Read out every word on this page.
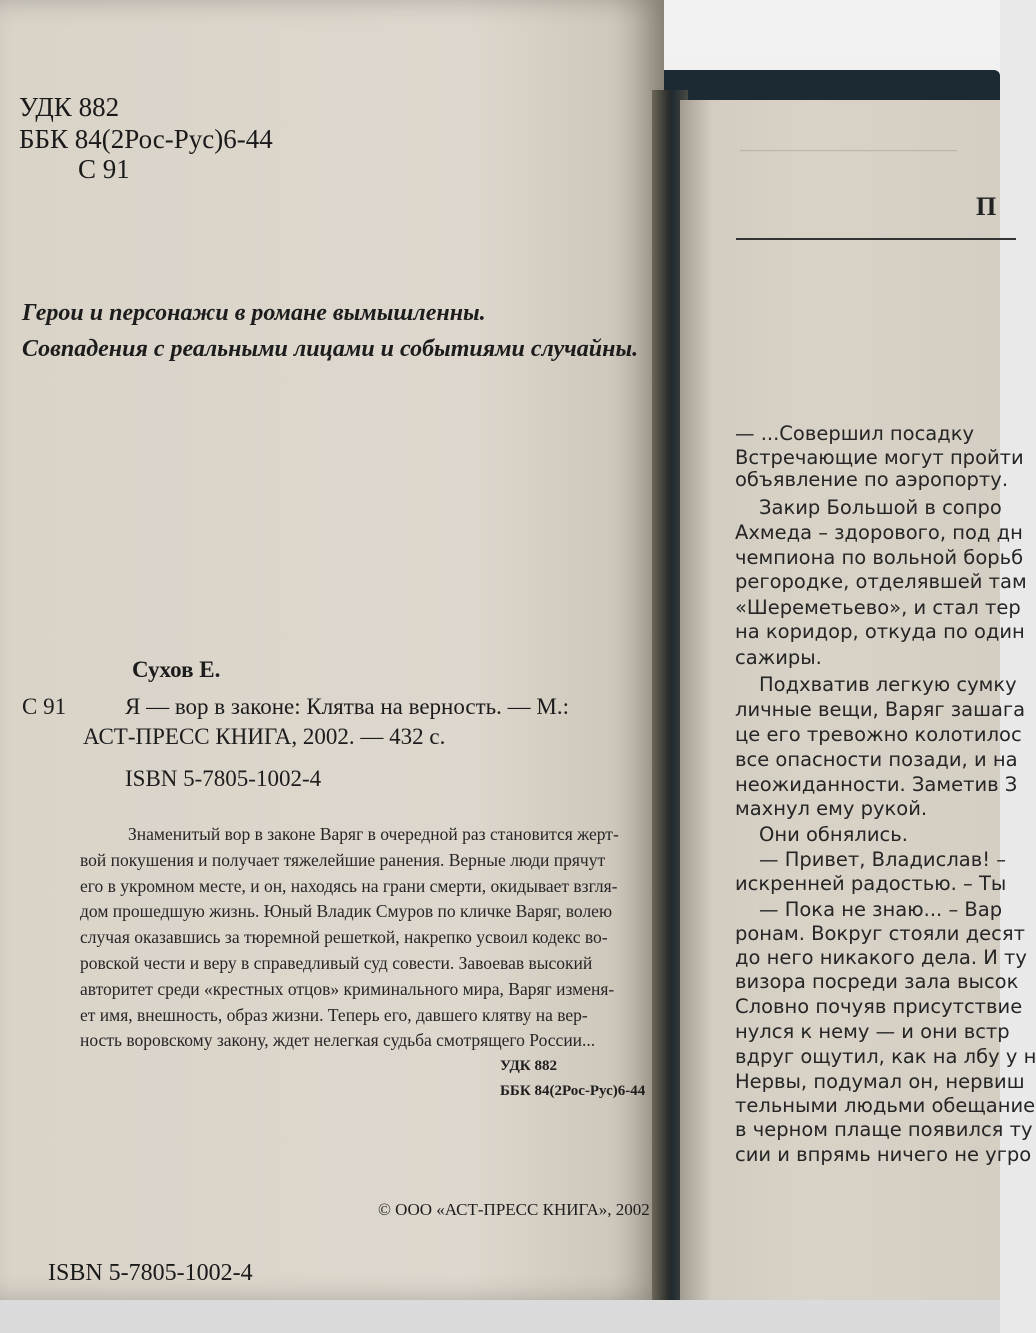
УДК 882
ББК 84(2Рос-Рус)6-44
С 91
Герои и персонажи в романе вымышленны.
Совпадения с реальными лицами и событиями случайны.
Сухов Е.
С 91	Я — вор в законе: Клятва на верность. — М.:
АСТ-ПРЕСС КНИГА, 2002. — 432 с.
ISBN 5-7805-1002-4
Знаменитый вор в законе Варяг в очередной раз становится жерт-
вой покушения и получает тяжелейшие ранения. Верные люди прячут
его в укромном месте, и он, находясь на грани смерти, окидывает взгля-
дом прошедшую жизнь. Юный Владик Смуров по кличке Варяг, волею
случая оказавшись за тюремной решеткой, накрепко усвоил кодекс во-
ровской чести и веру в справедливый суд совести. Завоевав высокий
авторитет среди «крестных отцов» криминального мира, Варяг изменя-
ет имя, внешность, образ жизни. Теперь его, давшего клятву на вер-
ность воровскому закону, ждет нелегкая судьба смотрящего России...
УДК 882
ББК 84(2Рос-Рус)6-44
© ООО «АСТ-ПРЕСС КНИГА», 2002
ISBN 5-7805-1002-4
─────────────────
П
— ...Совершил посадку
Встречающие могут пройти
объявление по аэропорту.
Закир Большой в сопро
Ахмеда – здорового, под дн
чемпиона по вольной борьб
регородке, отделявшей там
«Шереметьево», и стал тер
на коридор, откуда по один
сажиры.
Подхватив легкую сумку
личные вещи, Варяг зашага
це его тревожно колотилос
все опасности позади, и на
неожиданности. Заметив З
махнул ему рукой.
Они обнялись.
— Привет, Владислав! –
искренней радостью. – Ты
— Пока не знаю... – Вар
ронам. Вокруг стояли десят
до него никакого дела. И ту
визора посреди зала высок
Словно почуяв присутствие
нулся к нему — и они встр
вдруг ощутил, как на лбу у н
Нервы, подумал он, нервиш
тельными людьми обещание
в черном плаще появился ту
сии и впрямь ничего не угро
